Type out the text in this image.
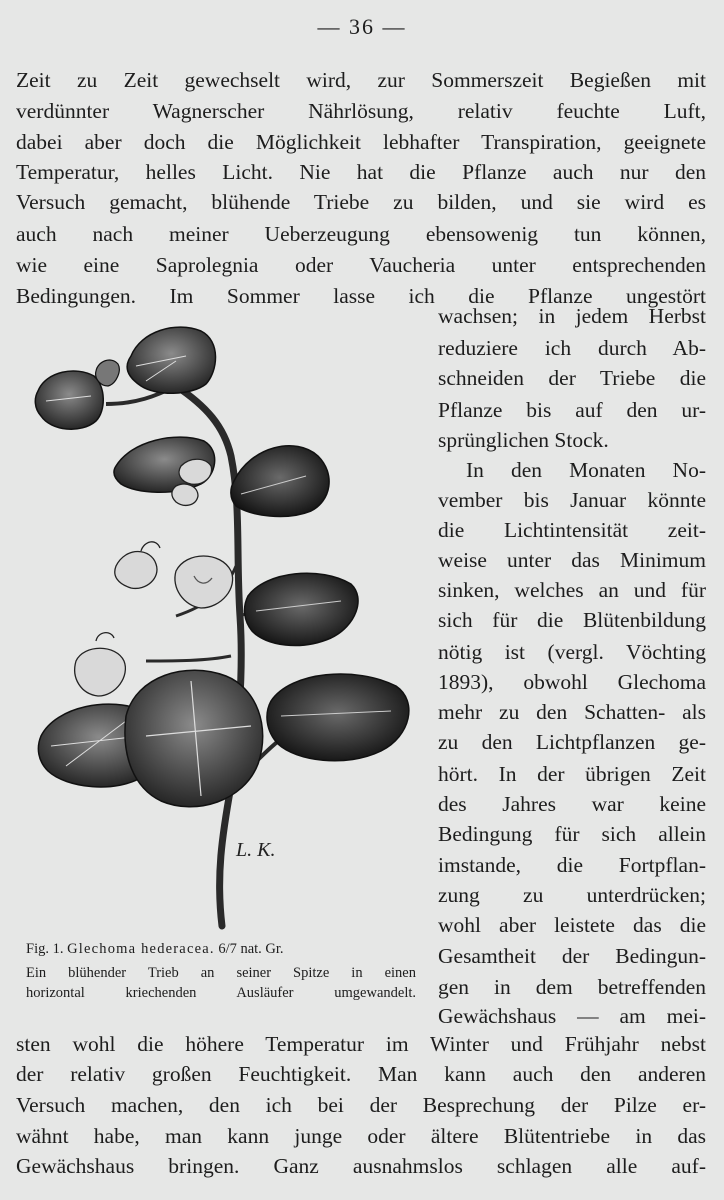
— 36 —
Zeit zu Zeit gewechselt wird, zur Sommerszeit Begießen mit
verdünnter Wagnerscher Nährlösung, relativ feuchte Luft,
dabei aber doch die Möglichkeit lebhafter Transpiration, geeignete
Temperatur, helles Licht. Nie hat die Pflanze auch nur den
Versuch gemacht, blühende Triebe zu bilden, und sie wird es
auch nach meiner Ueberzeugung ebensowenig tun können,
wie eine Saprolegnia oder Vaucheria unter entsprechenden
Bedingungen. Im Sommer lasse ich die Pflanze ungestört
wachsen; in jedem Herbst
reduziere ich durch Ab-
schneiden der Triebe die
Pflanze bis auf den ur-
sprünglichen Stock.
In den Monaten No-
vember bis Januar könnte
die Lichtintensität zeit-
weise unter das Minimum
sinken, welches an und für
sich für die Blütenbildung
nötig ist (vergl. Vöchting
1893), obwohl Glechoma
mehr zu den Schatten- als
zu den Lichtpflanzen ge-
hört. In der übrigen Zeit
des Jahres war keine
Bedingung für sich allein
imstande, die Fortpflan-
zung zu unterdrücken;
wohl aber leistete das die
Gesamtheit der Bedingun-
gen in dem betreffenden
Gewächshaus — am mei-
sten wohl die höhere Temperatur im Winter und Frühjahr nebst
der relativ großen Feuchtigkeit. Man kann auch den anderen
Versuch machen, den ich bei der Besprechung der Pilze er-
wähnt habe, man kann junge oder ältere Blütentriebe in das
Gewächshaus bringen. Ganz ausnahmslos schlagen alle auf-
L. K.
Fig. 1. Glechoma hederacea. 6/7 nat. Gr.
Ein blühender Trieb an seiner Spitze in einen
horizontal kriechenden Ausläufer umgewandelt.
